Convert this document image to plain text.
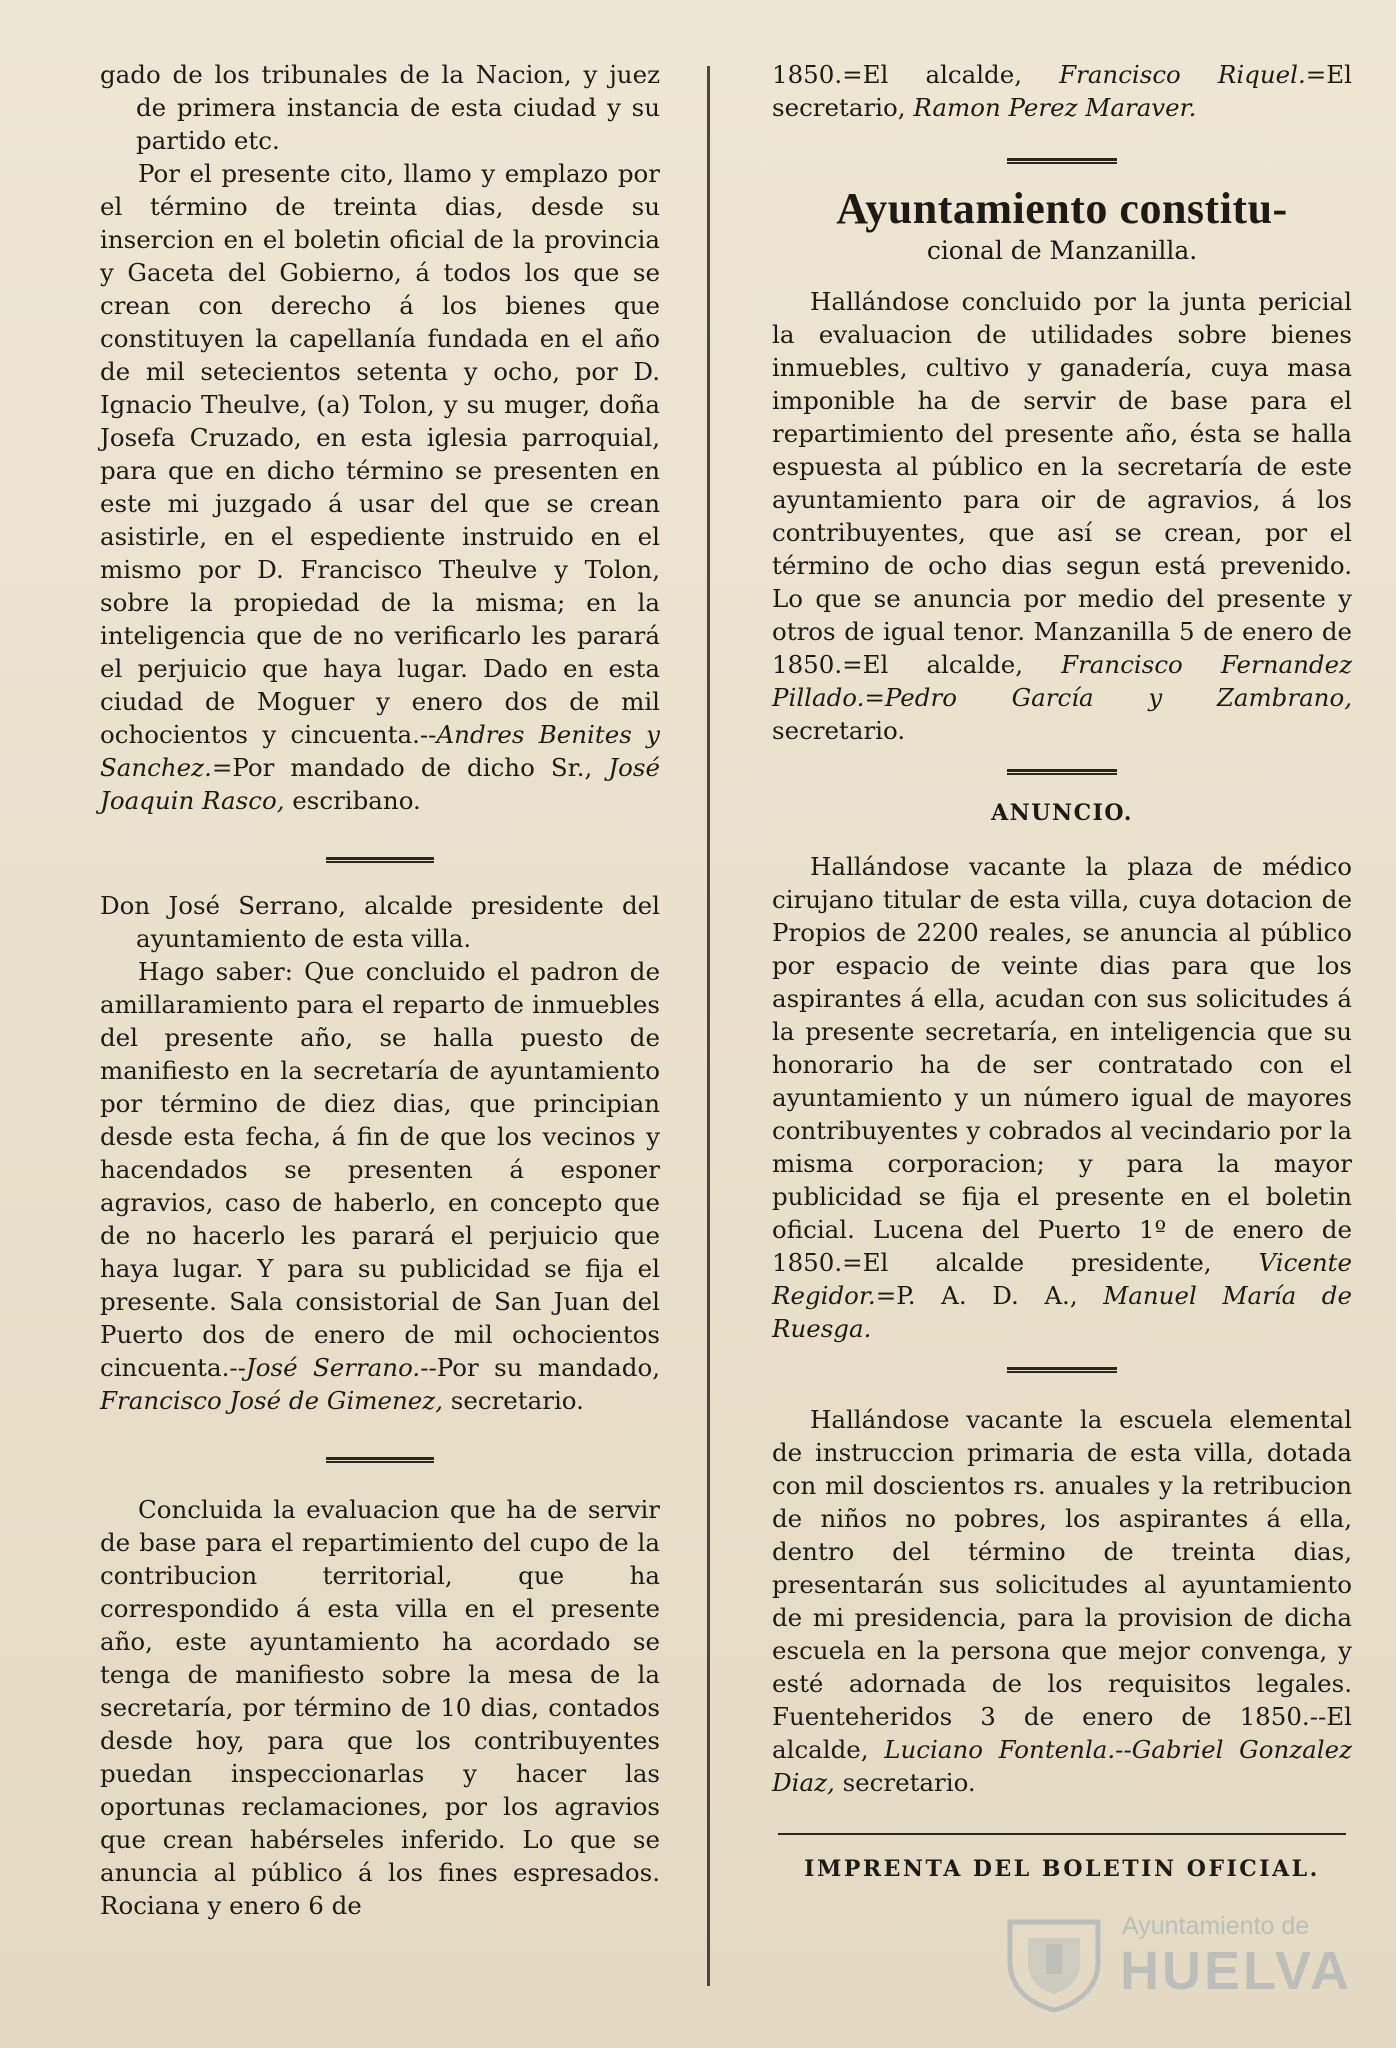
gado de los tribunales de la Nacion, y juez de primera instancia de esta ciudad y su partido etc.

Por el presente cito, llamo y emplazo por el término de treinta dias, desde su insercion en el boletin oficial de la provincia y Gaceta del Gobierno, á todos los que se crean con derecho á los bienes que constituyen la capellanía fundada en el año de mil setecientos setenta y ocho, por D. Ignacio Theulve, (a) Tolon, y su muger, doña Josefa Cruzado, en esta iglesia parroquial, para que en dicho término se presenten en este mi juzgado á usar del que se crean asistirle, en el espediente instruido en el mismo por D. Francisco Theulve y Tolon, sobre la propiedad de la misma; en la inteligencia que de no verificarlo les parará el perjuicio que haya lugar. Dado en esta ciudad de Moguer y enero dos de mil ochocientos y cincuenta.--Andres Benites y Sanchez.=Por mandado de dicho Sr., José Joaquin Rasco, escribano.

Don José Serrano, alcalde presidente del ayuntamiento de esta villa.

Hago saber: Que concluido el padron de amillaramiento para el reparto de inmuebles del presente año, se halla puesto de manifiesto en la secretaría de ayuntamiento por término de diez dias, que principian desde esta fecha, á fin de que los vecinos y hacendados se presenten á esponer agravios, caso de haberlo, en concepto que de no hacerlo les parará el perjuicio que haya lugar. Y para su publicidad se fija el presente. Sala consistorial de San Juan del Puerto dos de enero de mil ochocientos cincuenta.--José Serrano.--Por su mandado, Francisco José de Gimenez, secretario.

Concluida la evaluacion que ha de servir de base para el repartimiento del cupo de la contribucion territorial, que ha correspondido á esta villa en el presente año, este ayuntamiento ha acordado se tenga de manifiesto sobre la mesa de la secretaría, por término de 10 dias, contados desde hoy, para que los contribuyentes puedan inspeccionarlas y hacer las oportunas reclamaciones, por los agravios que crean habérseles inferido. Lo que se anuncia al público á los fines espresados. Rociana y enero 6 de

1850.=El alcalde, Francisco Riquel.=El secretario, Ramon Perez Maraver.

Ayuntamiento constitu-

cional de Manzanilla.

Hallándose concluido por la junta pericial la evaluacion de utilidades sobre bienes inmuebles, cultivo y ganadería, cuya masa imponible ha de servir de base para el repartimiento del presente año, ésta se halla espuesta al público en la secretaría de este ayuntamiento para oir de agravios, á los contribuyentes, que así se crean, por el término de ocho dias segun está prevenido. Lo que se anuncia por medio del presente y otros de igual tenor. Manzanilla 5 de enero de 1850.=El alcalde, Francisco Fernandez Pillado.=Pedro García y Zambrano, secretario.

ANUNCIO.

Hallándose vacante la plaza de médico cirujano titular de esta villa, cuya dotacion de Propios de 2200 reales, se anuncia al público por espacio de veinte dias para que los aspirantes á ella, acudan con sus solicitudes á la presente secretaría, en inteligencia que su honorario ha de ser contratado con el ayuntamiento y un número igual de mayores contribuyentes y cobrados al vecindario por la misma corporacion; y para la mayor publicidad se fija el presente en el boletin oficial. Lucena del Puerto 1º de enero de 1850.=El alcalde presidente, Vicente Regidor.=P. A. D. A., Manuel María de Ruesga.

Hallándose vacante la escuela elemental de instruccion primaria de esta villa, dotada con mil doscientos rs. anuales y la retribucion de niños no pobres, los aspirantes á ella, dentro del término de treinta dias, presentarán sus solicitudes al ayuntamiento de mi presidencia, para la provision de dicha escuela en la persona que mejor convenga, y esté adornada de los requisitos legales. Fuenteheridos 3 de enero de 1850.--El alcalde, Luciano Fontenla.--Gabriel Gonzalez Diaz, secretario.

IMPRENTA DEL BOLETIN OFICIAL.

Ayuntamiento de
HUELVA
